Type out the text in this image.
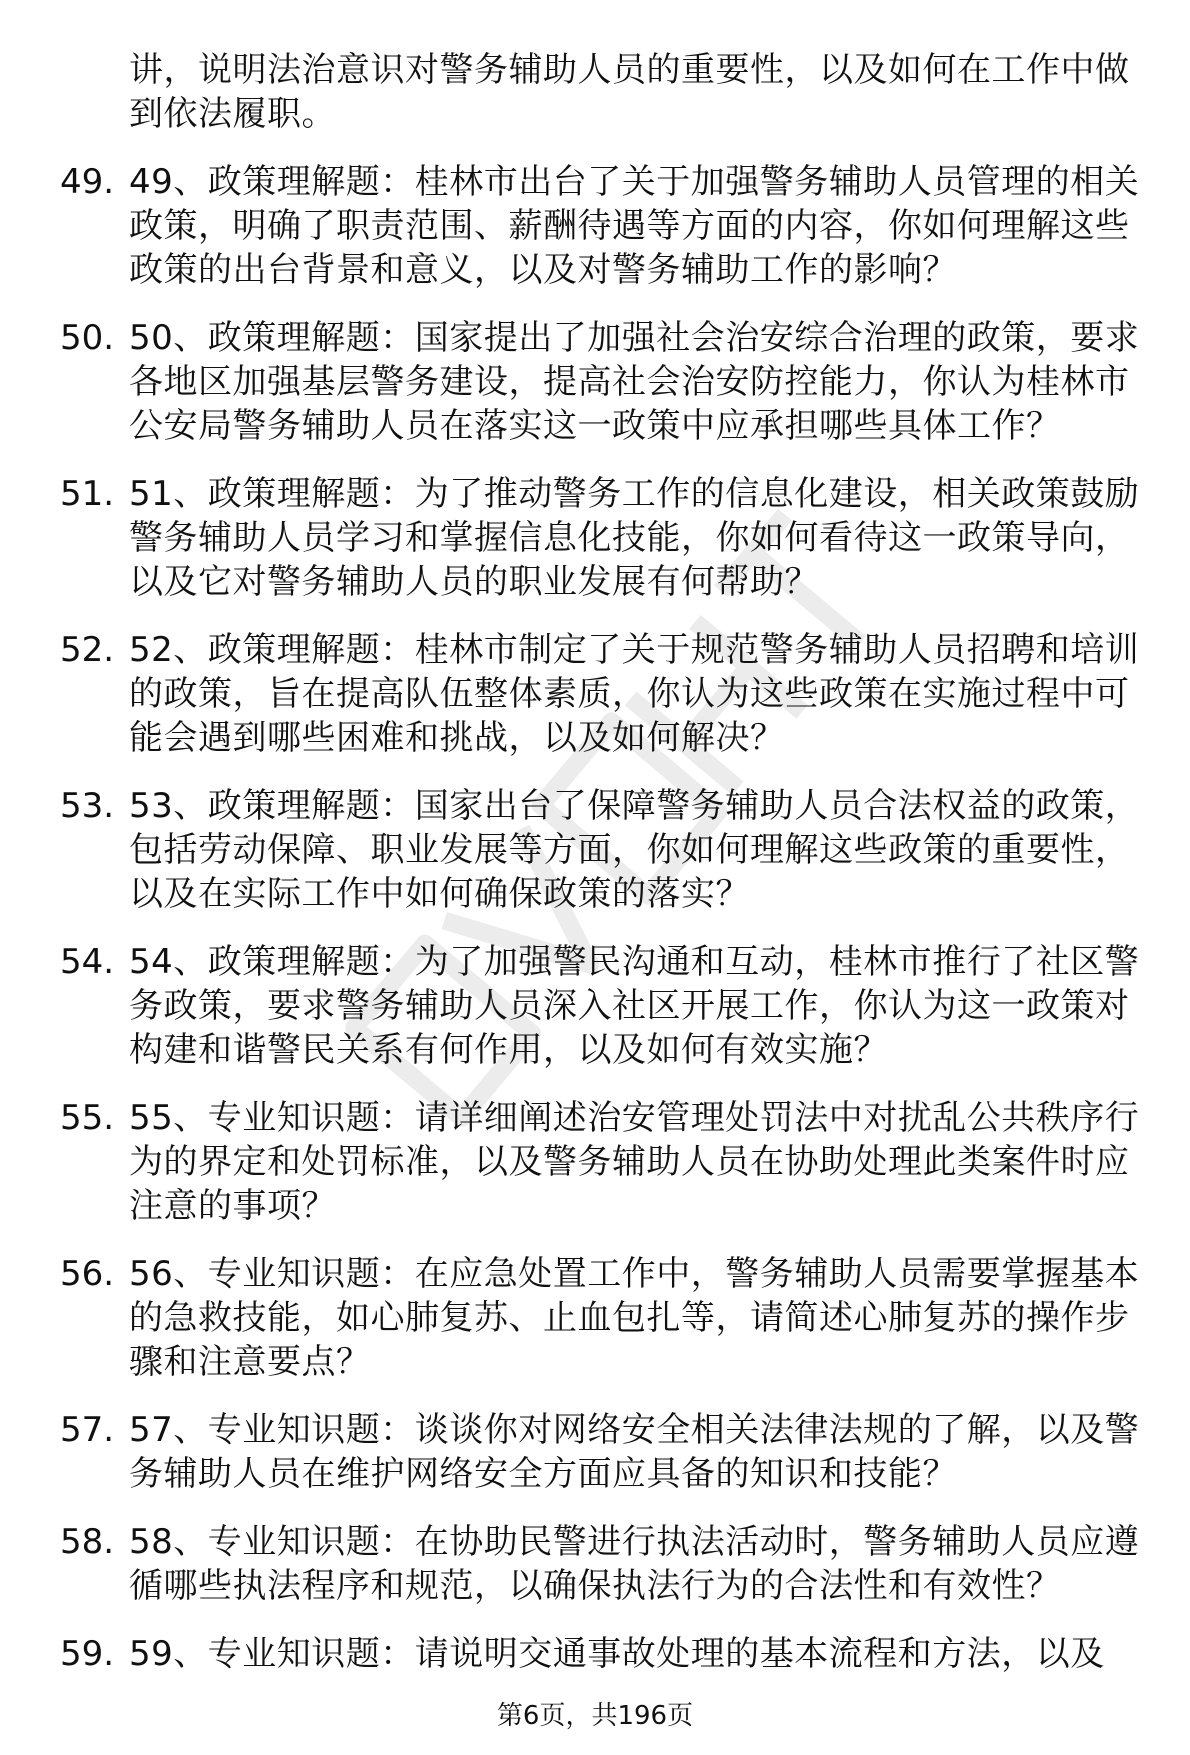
讲，说明法治意识对警务辅助人员的重要性，以及如何在工作中做到依法履职。
49. 49、政策理解题：桂林市出台了关于加强警务辅助人员管理的相关政策，明确了职责范围、薪酬待遇等方面的内容，你如何理解这些政策的出台背景和意义，以及对警务辅助工作的影响？
50. 50、政策理解题：国家提出了加强社会治安综合治理的政策，要求各地区加强基层警务建设，提高社会治安防控能力，你认为桂林市公安局警务辅助人员在落实这一政策中应承担哪些具体工作？
51. 51、政策理解题：为了推动警务工作的信息化建设，相关政策鼓励警务辅助人员学习和掌握信息化技能，你如何看待这一政策导向，以及它对警务辅助人员的职业发展有何帮助？
52. 52、政策理解题：桂林市制定了关于规范警务辅助人员招聘和培训的政策，旨在提高队伍整体素质，你认为这些政策在实施过程中可能会遇到哪些困难和挑战，以及如何解决？
53. 53、政策理解题：国家出台了保障警务辅助人员合法权益的政策，包括劳动保障、职业发展等方面，你如何理解这些政策的重要性，以及在实际工作中如何确保政策的落实？
54. 54、政策理解题：为了加强警民沟通和互动，桂林市推行了社区警务政策，要求警务辅助人员深入社区开展工作，你认为这一政策对构建和谐警民关系有何作用，以及如何有效实施？
55. 55、专业知识题：请详细阐述治安管理处罚法中对扰乱公共秩序行为的界定和处罚标准，以及警务辅助人员在协助处理此类案件时应注意的事项？
56. 56、专业知识题：在应急处置工作中，警务辅助人员需要掌握基本的急救技能，如心肺复苏、止血包扎等，请简述心肺复苏的操作步骤和注意要点？
57. 57、专业知识题：谈谈你对网络安全相关法律法规的了解，以及警务辅助人员在维护网络安全方面应具备的知识和技能？
58. 58、专业知识题：在协助民警进行执法活动时，警务辅助人员应遵循哪些执法程序和规范，以确保执法行为的合法性和有效性？
59. 59、专业知识题：请说明交通事故处理的基本流程和方法，以及
第6页，共196页
